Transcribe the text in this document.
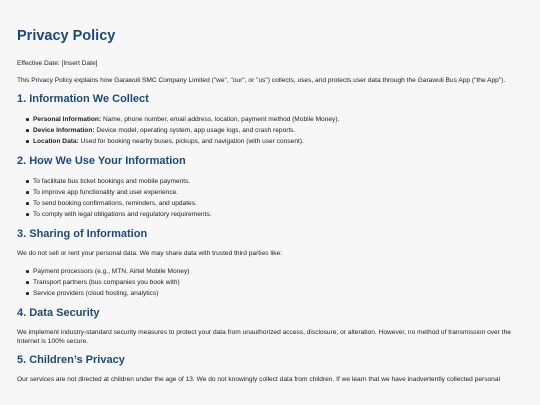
Privacy Policy

Effective Date: [Insert Date]

This Privacy Policy explains how Garawuli SMC Company Limited ("we", "our", or "us") collects, uses, and protects user data through the Garawuli Bus App ("the App").

1. Information We Collect
Personal Information: Name, phone number, email address, location, payment method (Mobile Money).
Device Information: Device model, operating system, app usage logs, and crash reports.
Location Data: Used for booking nearby buses, pickups, and navigation (with user consent).
2. How We Use Your Information
To facilitate bus ticket bookings and mobile payments.
To improve app functionality and user experience.
To send booking confirmations, reminders, and updates.
To comply with legal obligations and regulatory requirements.
3. Sharing of Information

We do not sell or rent your personal data. We may share data with trusted third parties like:

Payment processors (e.g., MTN, Airtel Mobile Money)
Transport partners (bus companies you book with)
Service providers (cloud hosting, analytics)
4. Data Security

We implement industry-standard security measures to protect your data from unauthorized access, disclosure, or alteration. However, no method of transmission over the Internet is 100% secure.

5. Children’s Privacy

Our services are not directed at children under the age of 13. We do not knowingly collect data from children. If we learn that we have inadvertently collected personal
